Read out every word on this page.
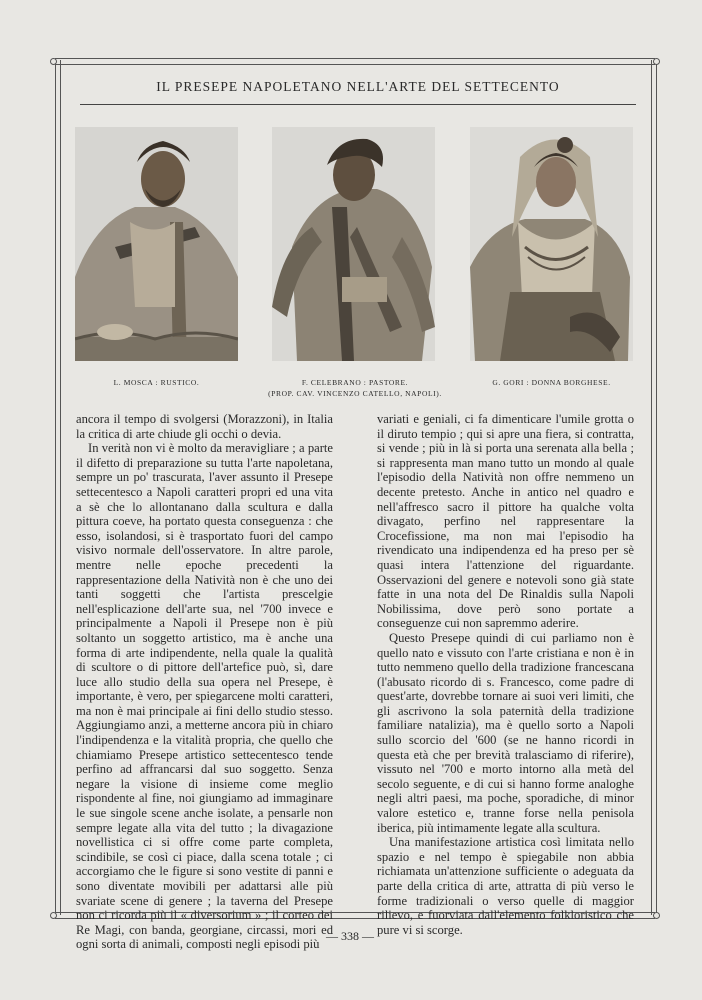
IL PRESEPE NAPOLETANO NELL'ARTE DEL SETTECENTO
L. MOSCA : RUSTICO.	F. CELEBRANO : PASTORE.
(PROP. CAV. VINCENZO CATELLO, NAPOLI).
G. GORI : DONNA BORGHESE.

ancora il tempo di svolgersi (Morazzoni), in Italia la critica di arte chiude gli occhi o devia.

In verità non vi è molto da meravigliare ; a parte il difetto di preparazione su tutta l'arte napoletana, sempre un po' trascurata, l'aver assunto il Presepe settecentesco a Napoli caratteri propri ed una vita a sè che lo allontanano dalla scultura e dalla pittura coeve, ha portato questa conseguenza : che esso, isolandosi, si è trasportato fuori del campo visivo normale dell'osservatore. In altre parole, mentre nelle epoche precedenti la rappresentazione della Natività non è che uno dei tanti soggetti che l'artista prescelgie nell'esplicazione dell'arte sua, nel '700 invece e principalmente a Napoli il Presepe non è più soltanto un soggetto artistico, ma è anche una forma di arte indipendente, nella quale la qualità di scultore o di pittore dell'artefice può, sì, dare luce allo studio della sua opera nel Presepe, è importante, è vero, per spiegarcene molti caratteri, ma non è mai principale ai fini dello studio stesso. Aggiungiamo anzi, a metterne ancora più in chiaro l'indipendenza e la vitalità propria, che quello che chiamiamo Presepe artistico settecentesco tende perfino ad affrancarsi dal suo soggetto. Senza negare la visione di insieme come meglio rispondente al fine, noi giungiamo ad immaginare le sue singole scene anche isolate, a pensarle non sempre legate alla vita del tutto ; la divagazione novellistica ci si offre come parte completa, scindibile, se così ci piace, dalla scena totale ; ci accorgiamo che le figure si sono vestite di panni e sono diventate movibili per adattarsi alle più svariate scene di genere ; la taverna del Presepe non ci ricorda più il « diversorium » ; il corteo dei Re Magi, con banda, georgiane, circassi, mori ed ogni sorta di animali, composti negli episodi più

variati e geniali, ci fa dimenticare l'umile grotta o il diruto tempio ; qui si apre una fiera, si contratta, si vende ; più in là si porta una serenata alla bella ; si rappresenta man mano tutto un mondo al quale l'episodio della Natività non offre nemmeno un decente pretesto. Anche in antico nel quadro e nell'affresco sacro il pittore ha qualche volta divagato, perfino nel rappresentare la Crocefissione, ma non mai l'episodio ha rivendicato una indipendenza ed ha preso per sè quasi intera l'attenzione del riguardante. Osservazioni del genere e notevoli sono già state fatte in una nota del De Rinaldis sulla Napoli Nobilissima, dove però sono portate a conseguenze cui non sapremmo aderire.

Questo Presepe quindi di cui parliamo non è quello nato e vissuto con l'arte cristiana e non è in tutto nemmeno quello della tradizione francescana (l'abusato ricordo di s. Francesco, come padre di quest'arte, dovrebbe tornare ai suoi veri limiti, che gli ascrivono la sola paternità della tradizione familiare natalizia), ma è quello sorto a Napoli sullo scorcio del '600 (se ne hanno ricordi in questa età che per brevità tralasciamo di riferire), vissuto nel '700 e morto intorno alla metà del secolo seguente, e di cui si hanno forme analoghe negli altri paesi, ma poche, sporadiche, di minor valore estetico e, tranne forse nella penisola iberica, più intimamente legate alla scultura.

Una manifestazione artistica così limitata nello spazio e nel tempo è spiegabile non abbia richiamata un'attenzione sufficiente o adeguata da parte della critica di arte, attratta di più verso le forme tradizionali o verso quelle di maggior rilievo, e fuorviata dall'elemento folkloristico che pure vi si scorge.

— 338 —
